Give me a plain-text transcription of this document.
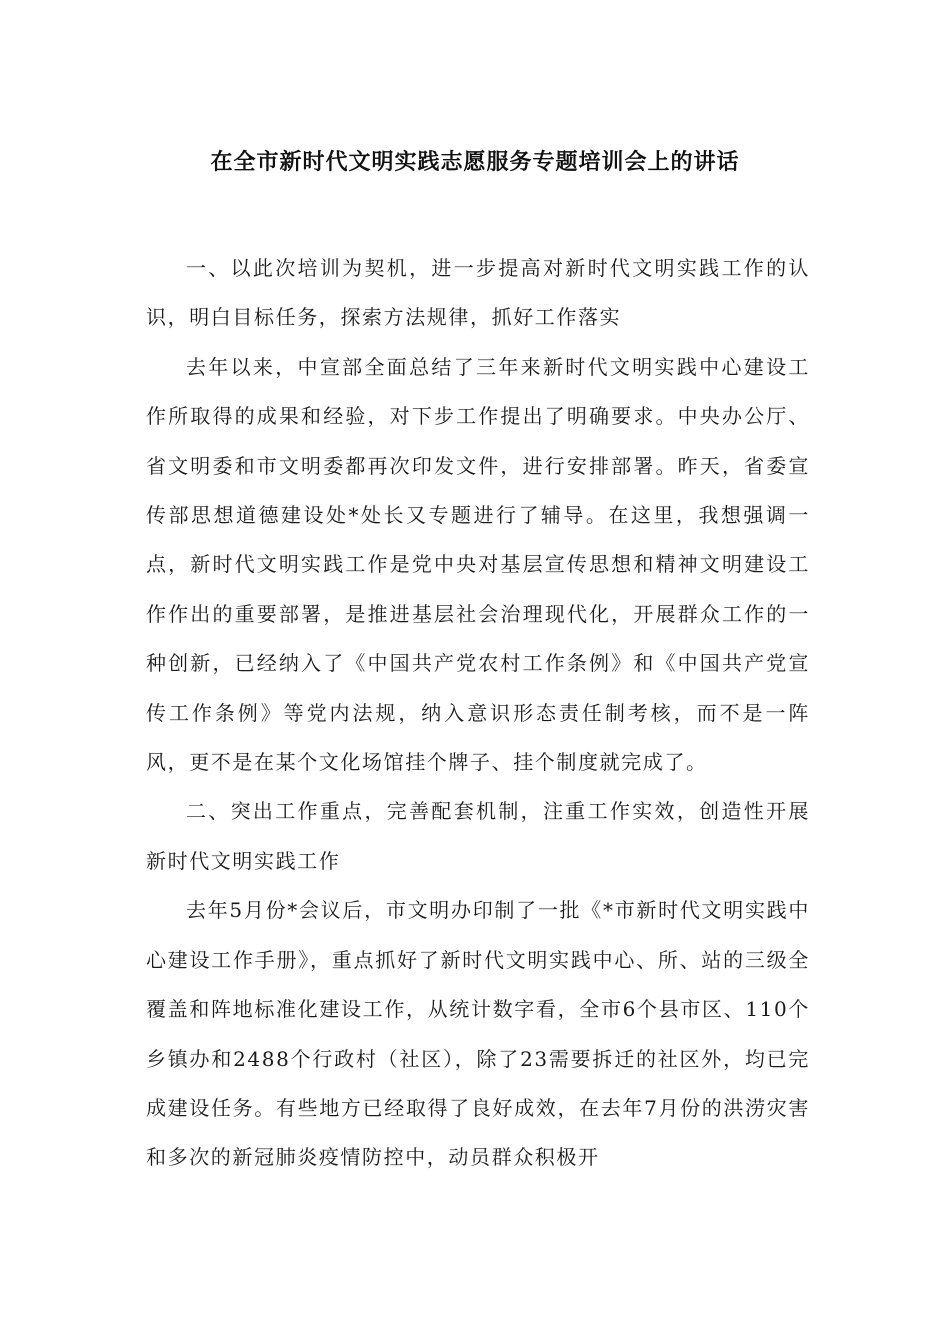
在全市新时代文明实践志愿服务专题培训会上的讲话

一、以此次培训为契机，进一步提高对新时代文明实践工作的认识，明白目标任务，探索方法规律，抓好工作落实

去年以来，中宣部全面总结了三年来新时代文明实践中心建设工作所取得的成果和经验，对下步工作提出了明确要求。中央办公厅、省文明委和市文明委都再次印发文件，进行安排部署。昨天，省委宣传部思想道德建设处*处长又专题进行了辅导。在这里，我想强调一点，新时代文明实践工作是党中央对基层宣传思想和精神文明建设工作作出的重要部署，是推进基层社会治理现代化，开展群众工作的一种创新，已经纳入了《中国共产党农村工作条例》和《中国共产党宣传工作条例》等党内法规，纳入意识形态责任制考核，而不是一阵风，更不是在某个文化场馆挂个牌子、挂个制度就完成了。

二、突出工作重点，完善配套机制，注重工作实效，创造性开展新时代文明实践工作

去年5月份*会议后，市文明办印制了一批《*市新时代文明实践中心建设工作手册》，重点抓好了新时代文明实践中心、所、站的三级全覆盖和阵地标准化建设工作，从统计数字看，全市6个县市区、110个乡镇办和2488个行政村（社区），除了23需要拆迁的社区外，均已完成建设任务。有些地方已经取得了良好成效，在去年7月份的洪涝灾害和多次的新冠肺炎疫情防控中，动员群众积极开
